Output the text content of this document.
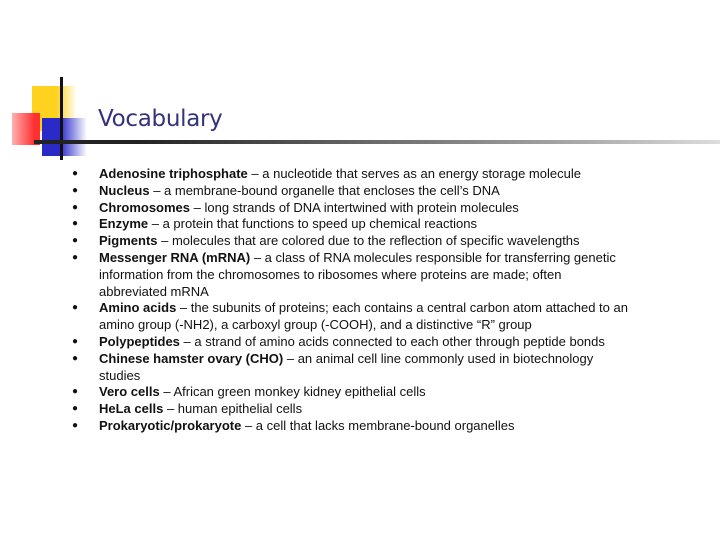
Vocabulary
● Adenosine triphosphate – a nucleotide that serves as an energy storage molecule
● Nucleus – a membrane-bound organelle that encloses the cell’s DNA
● Chromosomes – long strands of DNA intertwined with protein molecules
● Enzyme – a protein that functions to speed up chemical reactions
● Pigments – molecules that are colored due to the reflection of specific wavelengths
● Messenger RNA (mRNA) – a class of RNA molecules responsible for transferring genetic information from the chromosomes to ribosomes where proteins are made; often abbreviated mRNA
● Amino acids – the subunits of proteins; each contains a central carbon atom attached to an amino group (-NH2), a carboxyl group (-COOH), and a distinctive “R” group
● Polypeptides – a strand of amino acids connected to each other through peptide bonds
● Chinese hamster ovary (CHO) – an animal cell line commonly used in biotechnology studies
● Vero cells – African green monkey kidney epithelial cells
● HeLa cells – human epithelial cells
● Prokaryotic/prokaryote – a cell that lacks membrane-bound organelles
